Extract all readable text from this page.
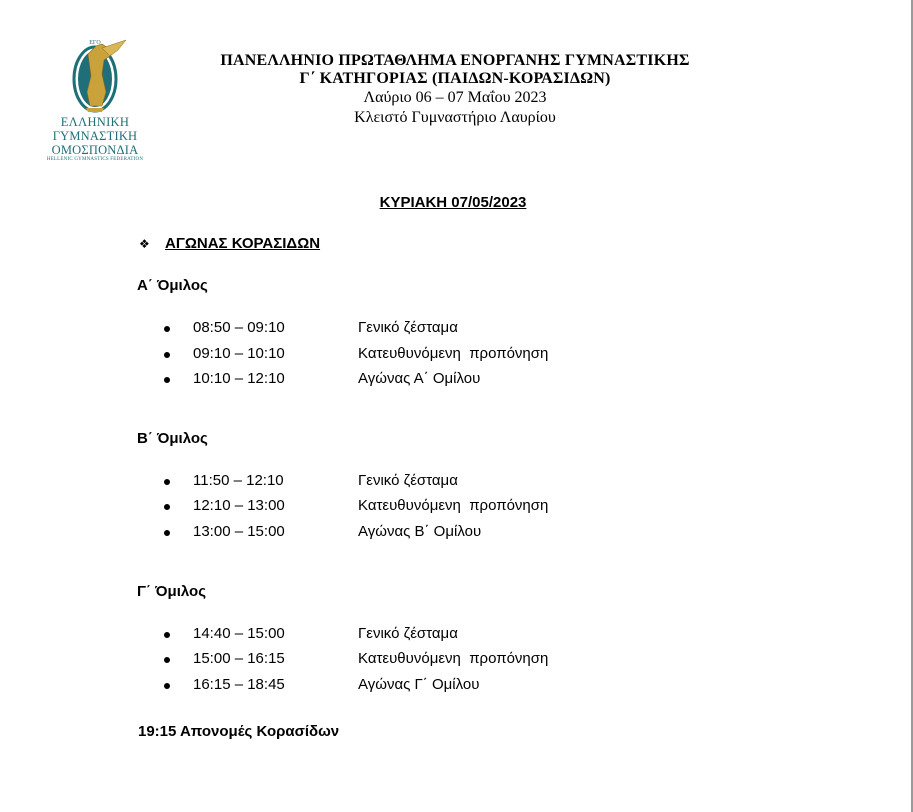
ΕΓΟ
ΕΛΛΗΝΙΚΗ
ΓΥΜΝΑΣΤΙΚΗ
ΟΜΟΣΠΟΝΔΙΑ
HELLENIC GYMNASTICS FEDERATION
ΠΑΝΕΛΛΗΝΙΟ ΠΡΩΤΑΘΛΗΜΑ ΕΝΟΡΓΑΝΗΣ ΓΥΜΝΑΣΤΙΚΗΣ
Γ΄ ΚΑΤΗΓΟΡΙΑΣ (ΠΑΙΔΩΝ-ΚΟΡΑΣΙΔΩΝ)
Λαύριο 06 – 07 Μαΐου 2023
Κλειστό Γυμναστήριο Λαυρίου
ΚΥΡΙΑΚΗ 07/05/2023
❖ ΑΓΩΝΑΣ ΚΟΡΑΣΙΔΩΝ
Α΄ Όμιλος
08:50 – 09:10	Γενικό ζέσταμα
09:10 – 10:10	Κατευθυνόμενη  προπόνηση
10:10 – 12:10	Αγώνας Α΄ Ομίλου
Β΄ Όμιλος
11:50 – 12:10	Γενικό ζέσταμα
12:10 – 13:00	Κατευθυνόμενη  προπόνηση
13:00 – 15:00	Αγώνας Β΄ Ομίλου
Γ΄ Όμιλος
14:40 – 15:00	Γενικό ζέσταμα
15:00 – 16:15	Κατευθυνόμενη  προπόνηση
16:15 – 18:45	Αγώνας Γ΄ Ομίλου
19:15 Απονομές Κορασίδων
